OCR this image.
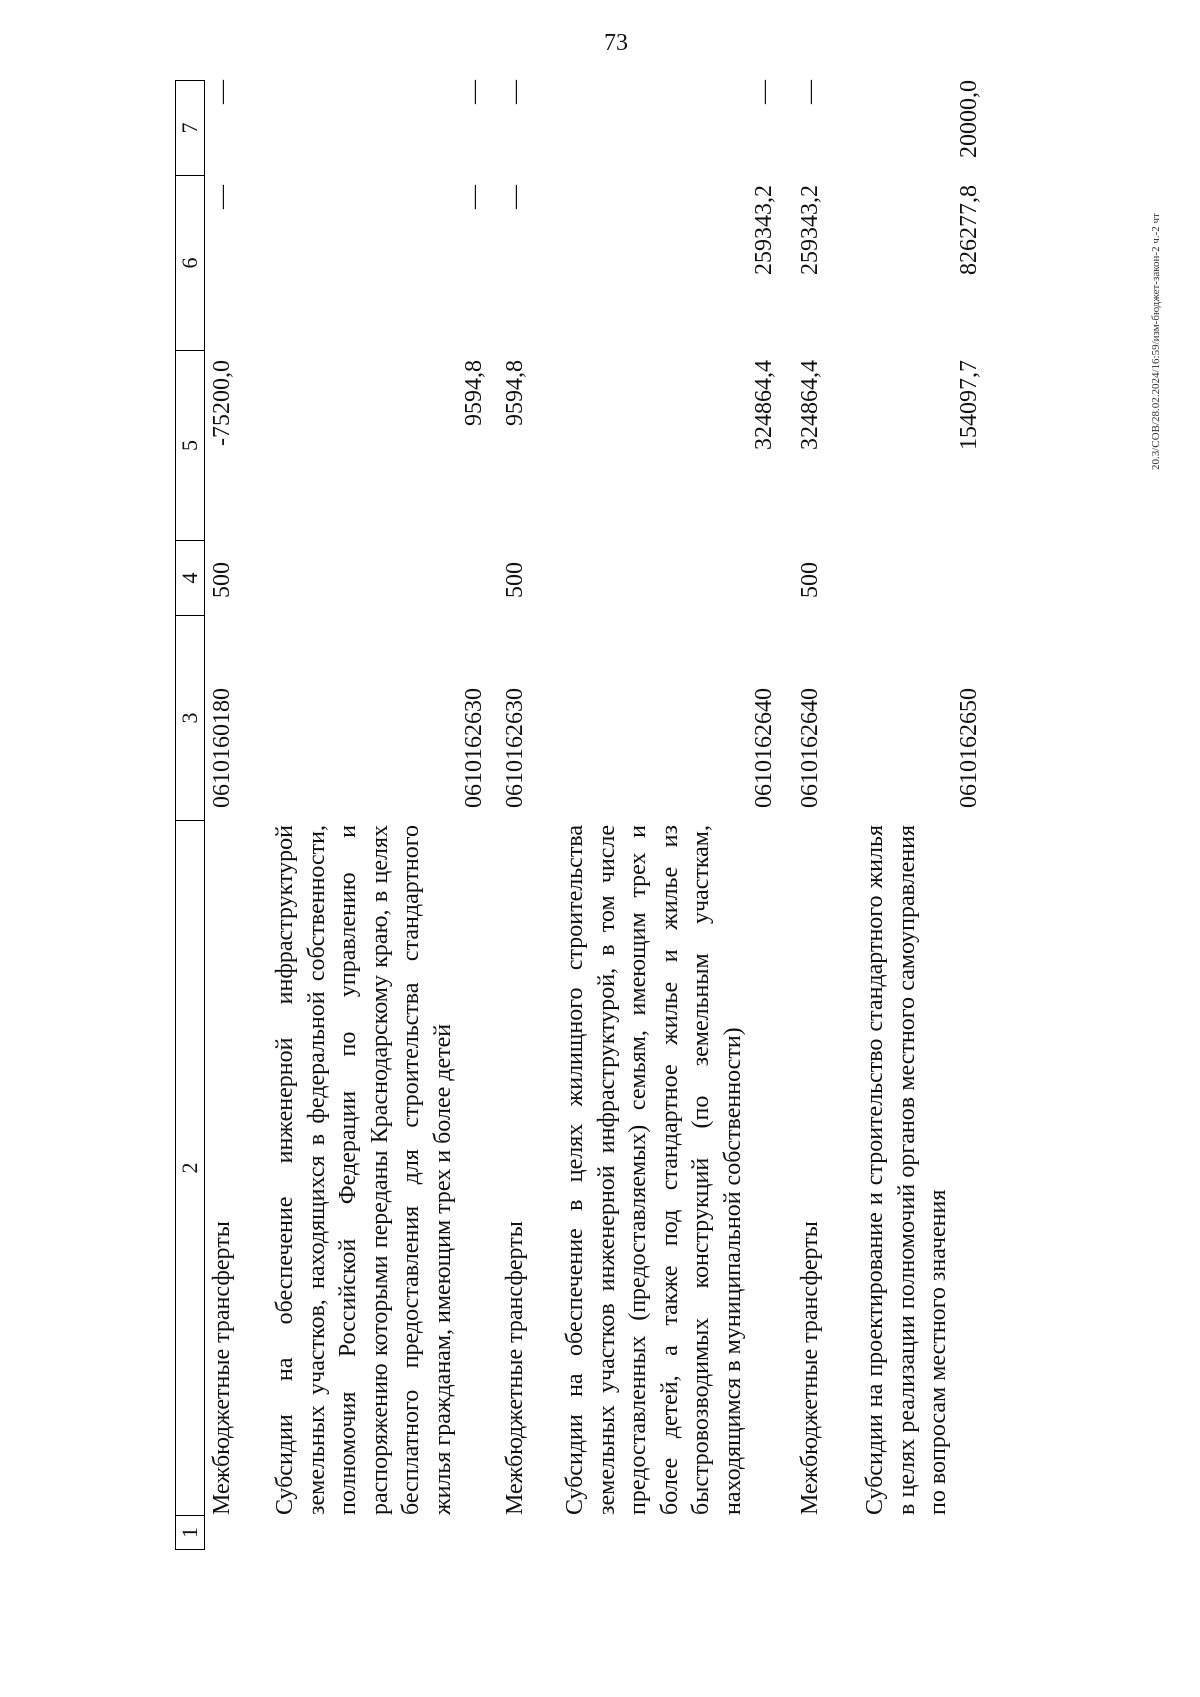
73
20.3/СОВ/28.02.2024/16:59/изм-бюджет-закон-2 ч.-2 чт
1
2
3
4
5
6
7
Межбюджетные трансферты
0610160180
500
-75200,0
—
—
Субсидии на обеспечение инженерной инфраструктурой земельных участков, находящихся в федеральной собственности, полномочия Российской Федерации по управлению и распоряжению которыми переданы Краснодарскому краю, в целях бесплатного предоставления для строительства стандартного жилья гражданам, имеющим трех и более детей
0610162630
9594,8
—
—
Межбюджетные трансферты
0610162630
500
9594,8
—
—
Субсидии на обеспечение в целях жилищного строительства земельных участков инженерной инфраструктурой, в том числе предоставленных (предоставляемых) семьям, имеющим трех и более детей, а также под стандартное жилье и жилье из быстровозводимых конструкций (по земельным участкам, находящимся в муниципальной собственности)
0610162640
324864,4
259343,2
—
Межбюджетные трансферты
0610162640
500
324864,4
259343,2
—
Субсидии на проектирование и строительство стандартного жилья в целях реализации полномочий органов местного самоуправления по вопросам местного значения
0610162650
154097,7
826277,8
20000,0
